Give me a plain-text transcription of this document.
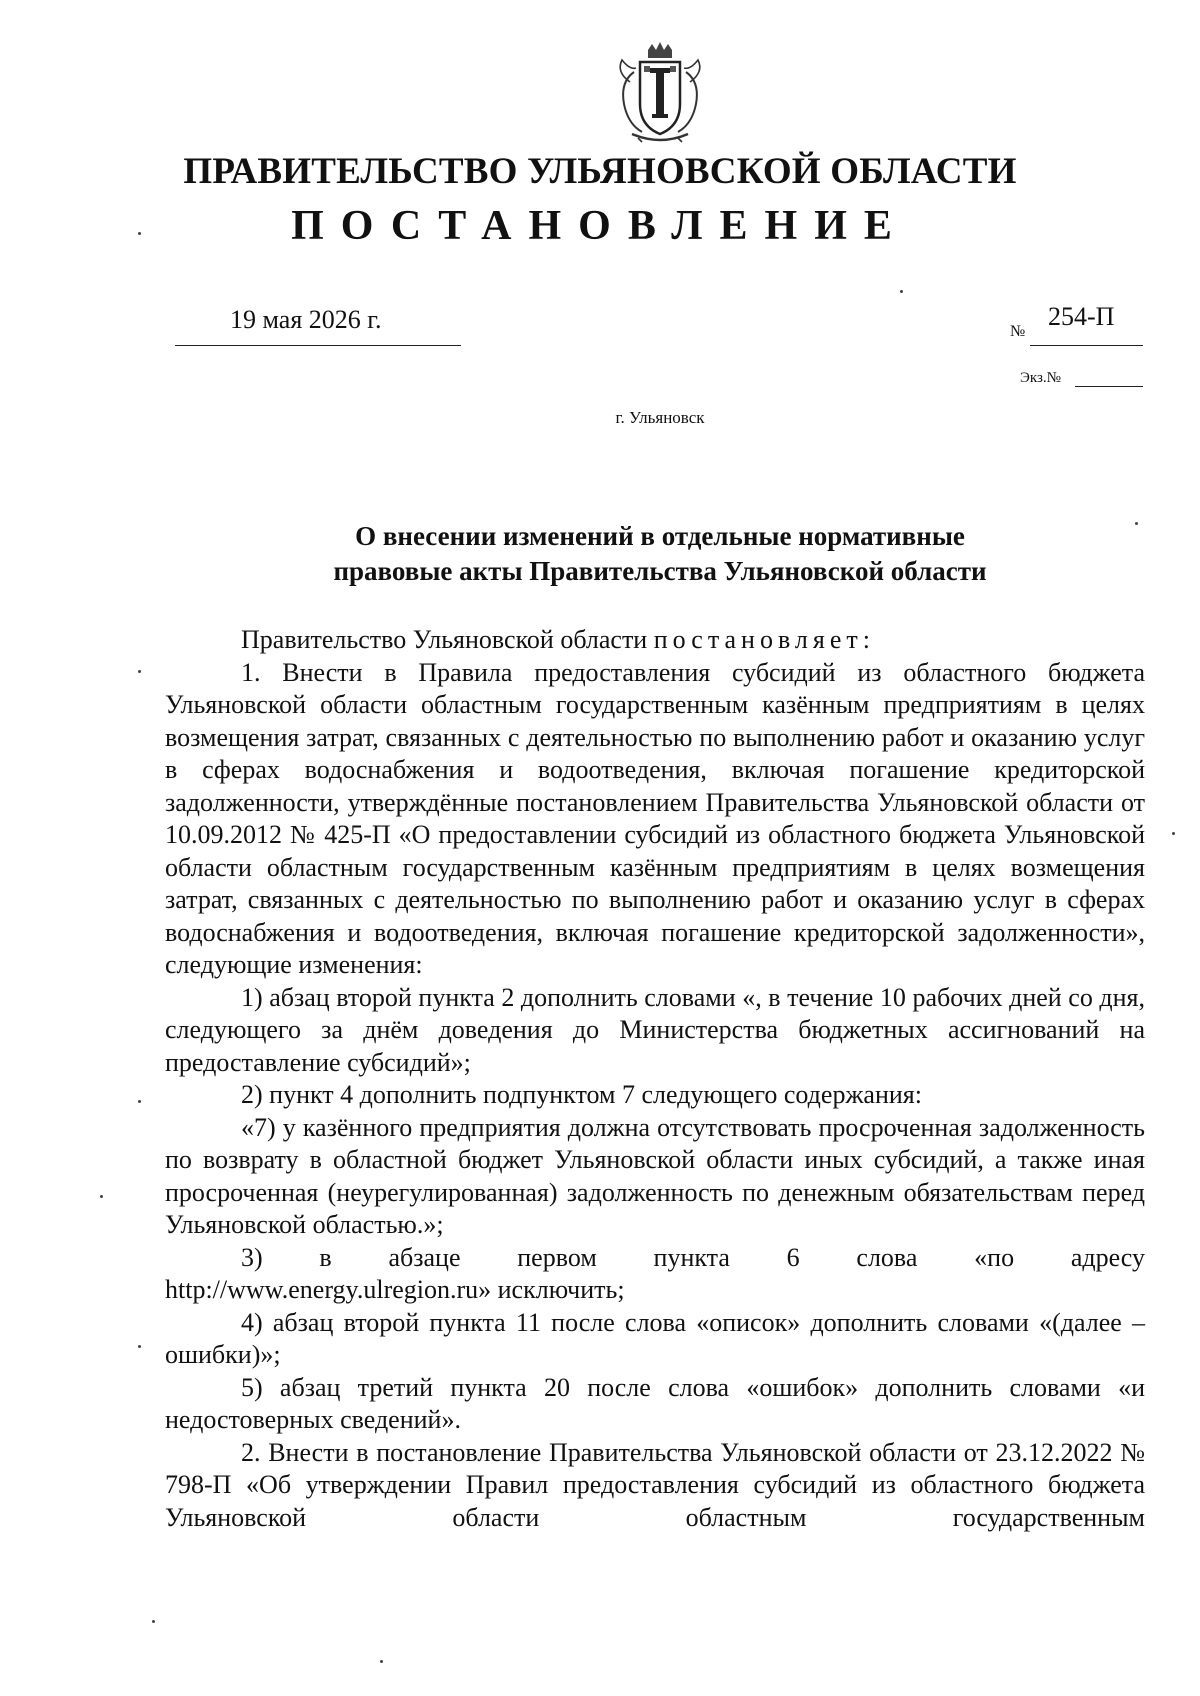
ПРАВИТЕЛЬСТВО УЛЬЯНОВСКОЙ ОБЛАСТИ
ПОСТАНОВЛЕНИЕ
19 мая 2026 г.	№
254-П
Экз.№
г. Ульяновск
О внесении изменений в отдельные нормативные
правовые акты Правительства Ульяновской области

Правительство Ульяновской области постановляет:

1. Внести в Правила предоставления субсидий из областного бюджета Ульяновской области областным государственным казённым предприятиям в целях возмещения затрат, связанных с деятельностью по выполнению работ и оказанию услуг в сферах водоснабжения и водоотведения, включая погашение кредиторской задолженности, утверждённые постановлением Правительства Ульяновской области от 10.09.2012 № 425-П «О предоставлении субсидий из областного бюджета Ульяновской области областным государственным казённым предприятиям в целях возмещения затрат, связанных с деятельностью по выполнению работ и оказанию услуг в сферах водоснабжения и водоотведения, включая погашение кредиторской задолженности», следующие изменения:

1) абзац второй пункта 2 дополнить словами «, в течение 10 рабочих дней со дня, следующего за днём доведения до Министерства бюджетных ассигнований на предоставление субсидий»;

2) пункт 4 дополнить подпунктом 7 следующего содержания:

«7) у казённого предприятия должна отсутствовать просроченная задолженность по возврату в областной бюджет Ульяновской области иных субсидий, а также иная просроченная (неурегулированная) задолженность по денежным обязательствам перед Ульяновской областью.»;

3) в абзаце первом пункта 6 слова «по адресу

http://www.energy.ulregion.ru» исключить;

4) абзац второй пункта 11 после слова «описок» дополнить словами «(далее – ошибки)»;

5) абзац третий пункта 20 после слова «ошибок» дополнить словами «и недостоверных сведений».

2. Внести в постановление Правительства Ульяновской области от 23.12.2022 № 798-П «Об утверждении Правил предоставления субсидий из областного бюджета Ульяновской области областным государственным
